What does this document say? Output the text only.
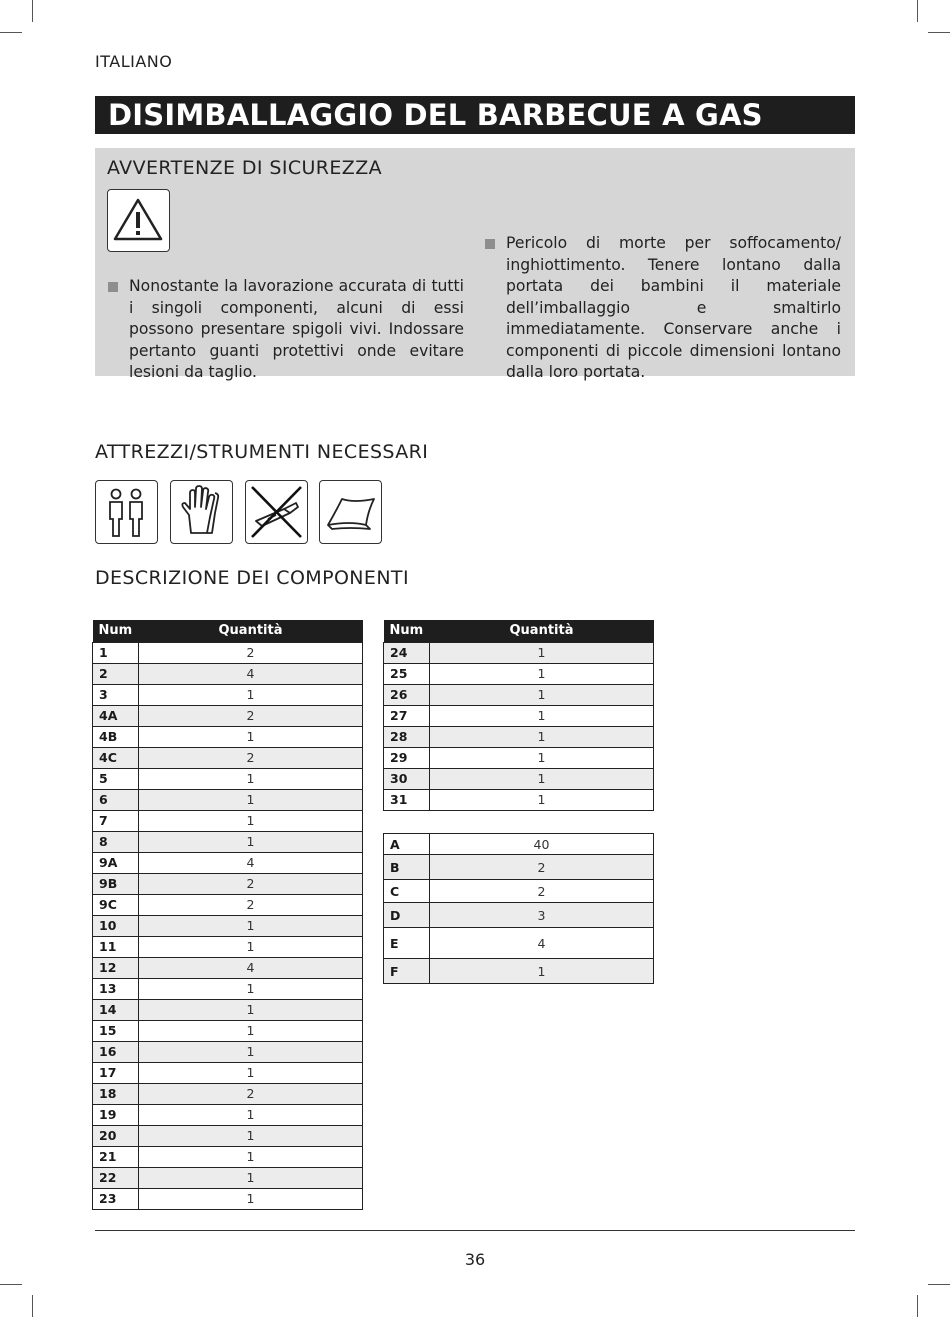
ITALIANO
DISIMBALLAGGIO DEL BARBECUE A GAS
AVVERTENZE DI SICUREZZA
Nonostante la lavorazione accurata di tutti i singoli componenti, alcuni di essi possono presentare spigoli vivi. Indossare pertanto guanti protettivi onde evitare lesioni da taglio.
Pericolo di morte per soffocamento/ inghiottimento. Tenere lontano dalla portata dei bambini il materiale dell’imballaggio e smaltirlo immediatamente. Conservare anche i componenti di piccole dimensioni lontano dalla loro portata.
ATTREZZI/STRUMENTI NECESSARI
DESCRIZIONE DEI COMPONENTI
Num	Quantità
1	2
2	4
3	1
4A	2
4B	1
4C	2
5	1
6	1
7	1
8	1
9A	4
9B	2
9C	2
10	1
11	1
12	4
13	1
14	1
15	1
16	1
17	1
18	2
19	1
20	1
21	1
22	1
23	1
Num	Quantità
24	1
25	1
26	1
27	1
28	1
29	1
30	1
31	1
A	40
B	2
C	2
D	3
E	4
F	1
36
